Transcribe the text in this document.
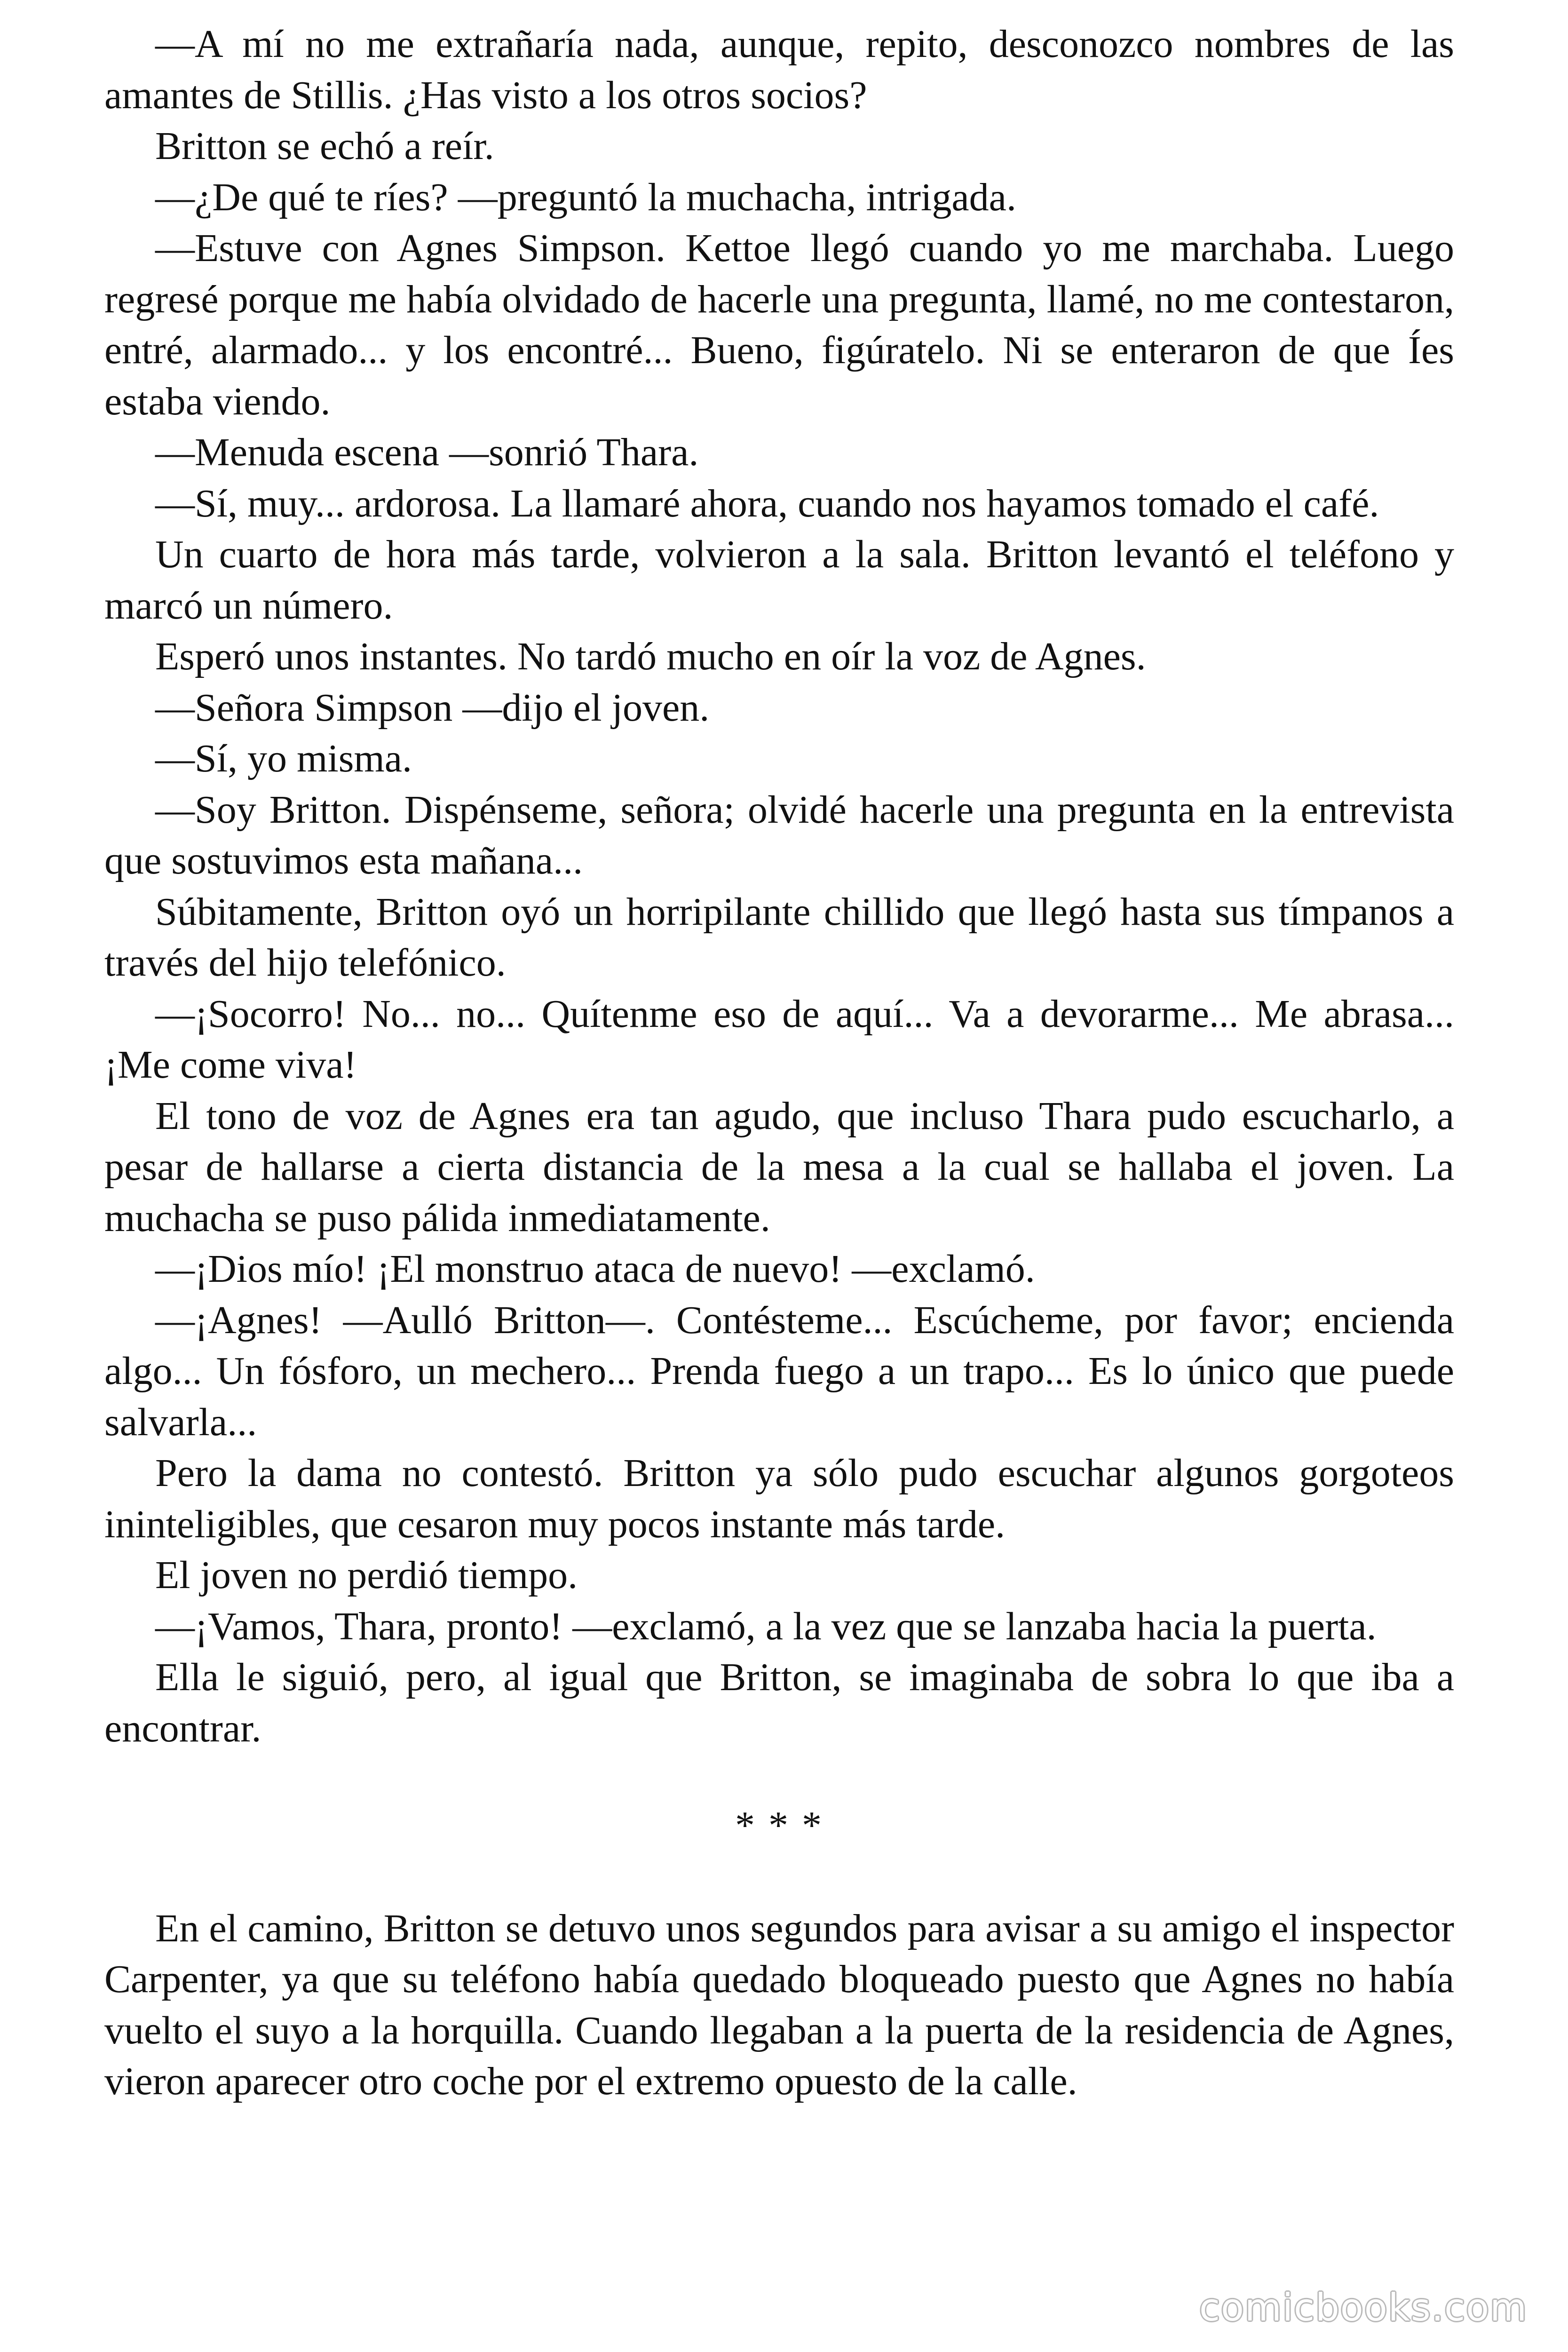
—A mí no me extrañaría nada, aunque, repito, desconozco nombres de las amantes de Stillis. ¿Has visto a los otros socios?

Britton se echó a reír.

—¿De qué te ríes? —preguntó la muchacha, intrigada.

—Estuve con Agnes Simpson. Kettoe llegó cuando yo me marchaba. Luego regresé porque me había olvidado de hacerle una pregunta, llamé, no me contestaron, entré, alarmado... y los encontré... Bueno, figúratelo. Ni se enteraron de que Íes estaba viendo.

—Menuda escena —sonrió Thara.

—Sí, muy... ardorosa. La llamaré ahora, cuando nos hayamos tomado el café.

Un cuarto de hora más tarde, volvieron a la sala. Britton levantó el teléfono y marcó un número.

Esperó unos instantes. No tardó mucho en oír la voz de Agnes.

—Señora Simpson —dijo el joven.

—Sí, yo misma.

—Soy Britton. Dispénseme, señora; olvidé hacerle una pregunta en la entrevista que sostuvimos esta mañana...

Súbitamente, Britton oyó un horripilante chillido que llegó hasta sus tímpanos a través del hijo telefónico.

—¡Socorro! No... no... Quítenme eso de aquí... Va a devorarme... Me abrasa... ¡Me come viva!

El tono de voz de Agnes era tan agudo, que incluso Thara pudo escucharlo, a pesar de hallarse a cierta distancia de la mesa a la cual se hallaba el joven. La muchacha se puso pálida inmediatamente.

—¡Dios mío! ¡El monstruo ataca de nuevo! —exclamó.

—¡Agnes! —Aulló Britton—. Contésteme... Escúcheme, por favor; encienda algo... Un fósforo, un mechero... Prenda fuego a un trapo... Es lo único que puede salvarla...

Pero la dama no contestó. Britton ya sólo pudo escuchar algunos gorgoteos ininteligibles, que cesaron muy pocos instante más tarde.

El joven no perdió tiempo.

—¡Vamos, Thara, pronto! —exclamó, a la vez que se lanzaba hacia la puerta.

Ella le siguió, pero, al igual que Britton, se imaginaba de sobra lo que iba a encontrar.

* * *

En el camino, Britton se detuvo unos segundos para avisar a su amigo el inspector Carpenter, ya que su teléfono había quedado bloqueado puesto que Agnes no había vuelto el suyo a la horquilla. Cuando llegaban a la puerta de la residencia de Agnes, vieron aparecer otro coche por el extremo opuesto de la calle.

comicbooks.com
